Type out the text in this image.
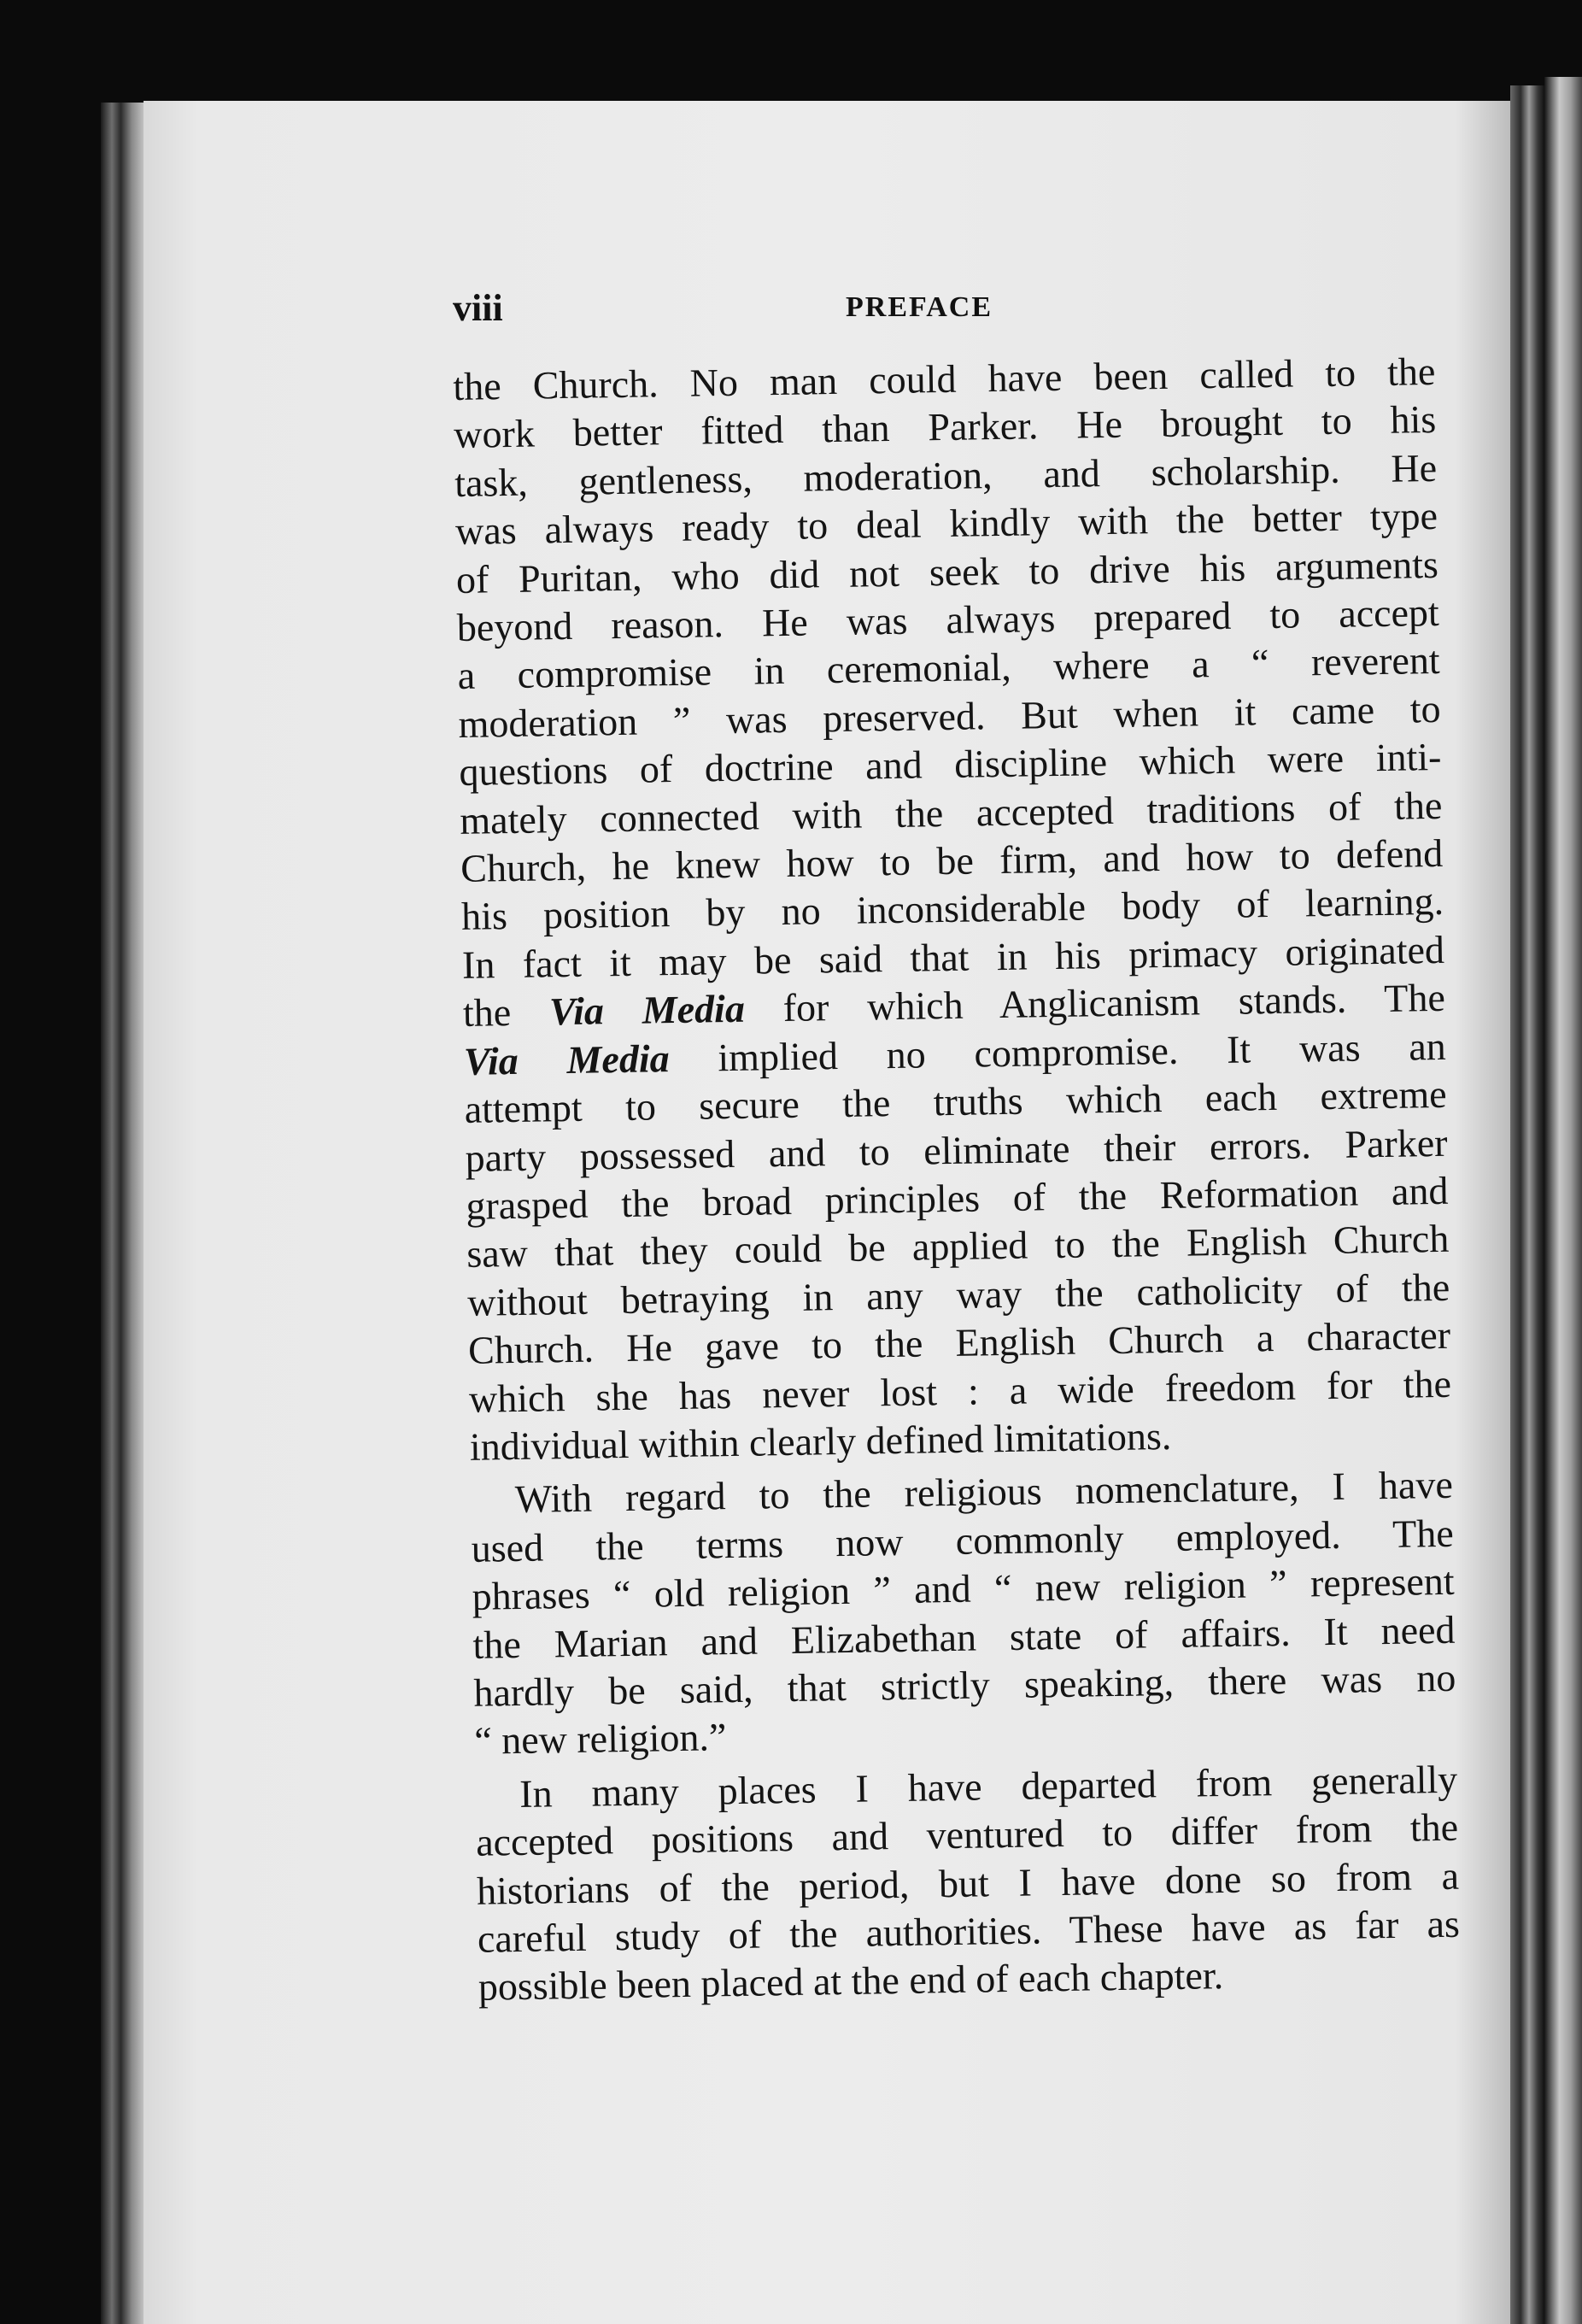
viii	PREFACE
the Church. No man could have been called to the
work better fitted than Parker. He brought to his
task, gentleness, moderation, and scholarship. He
was always ready to deal kindly with the better type
of Puritan, who did not seek to drive his arguments
beyond reason. He was always prepared to accept
a compromise in ceremonial, where a “ reverent
moderation ” was preserved. But when it came to
questions of doctrine and discipline which were inti-
mately connected with the accepted traditions of the
Church, he knew how to be firm, and how to defend
his position by no inconsiderable body of learning.
In fact it may be said that in his primacy originated
the Via Media for which Anglicanism stands. The
Via Media implied no compromise. It was an
attempt to secure the truths which each extreme
party possessed and to eliminate their errors. Parker
grasped the broad principles of the Reformation and
saw that they could be applied to the English Church
without betraying in any way the catholicity of the
Church. He gave to the English Church a character
which she has never lost : a wide freedom for the
individual within clearly defined limitations.
With regard to the religious nomenclature, I have
used the terms now commonly employed. The
phrases “ old religion ” and “ new religion ” represent
the Marian and Elizabethan state of affairs. It need
hardly be said, that strictly speaking, there was no
“ new religion.”
In many places I have departed from generally
accepted positions and ventured to differ from the
historians of the period, but I have done so from a
careful study of the authorities. These have as far as
possible been placed at the end of each chapter.
